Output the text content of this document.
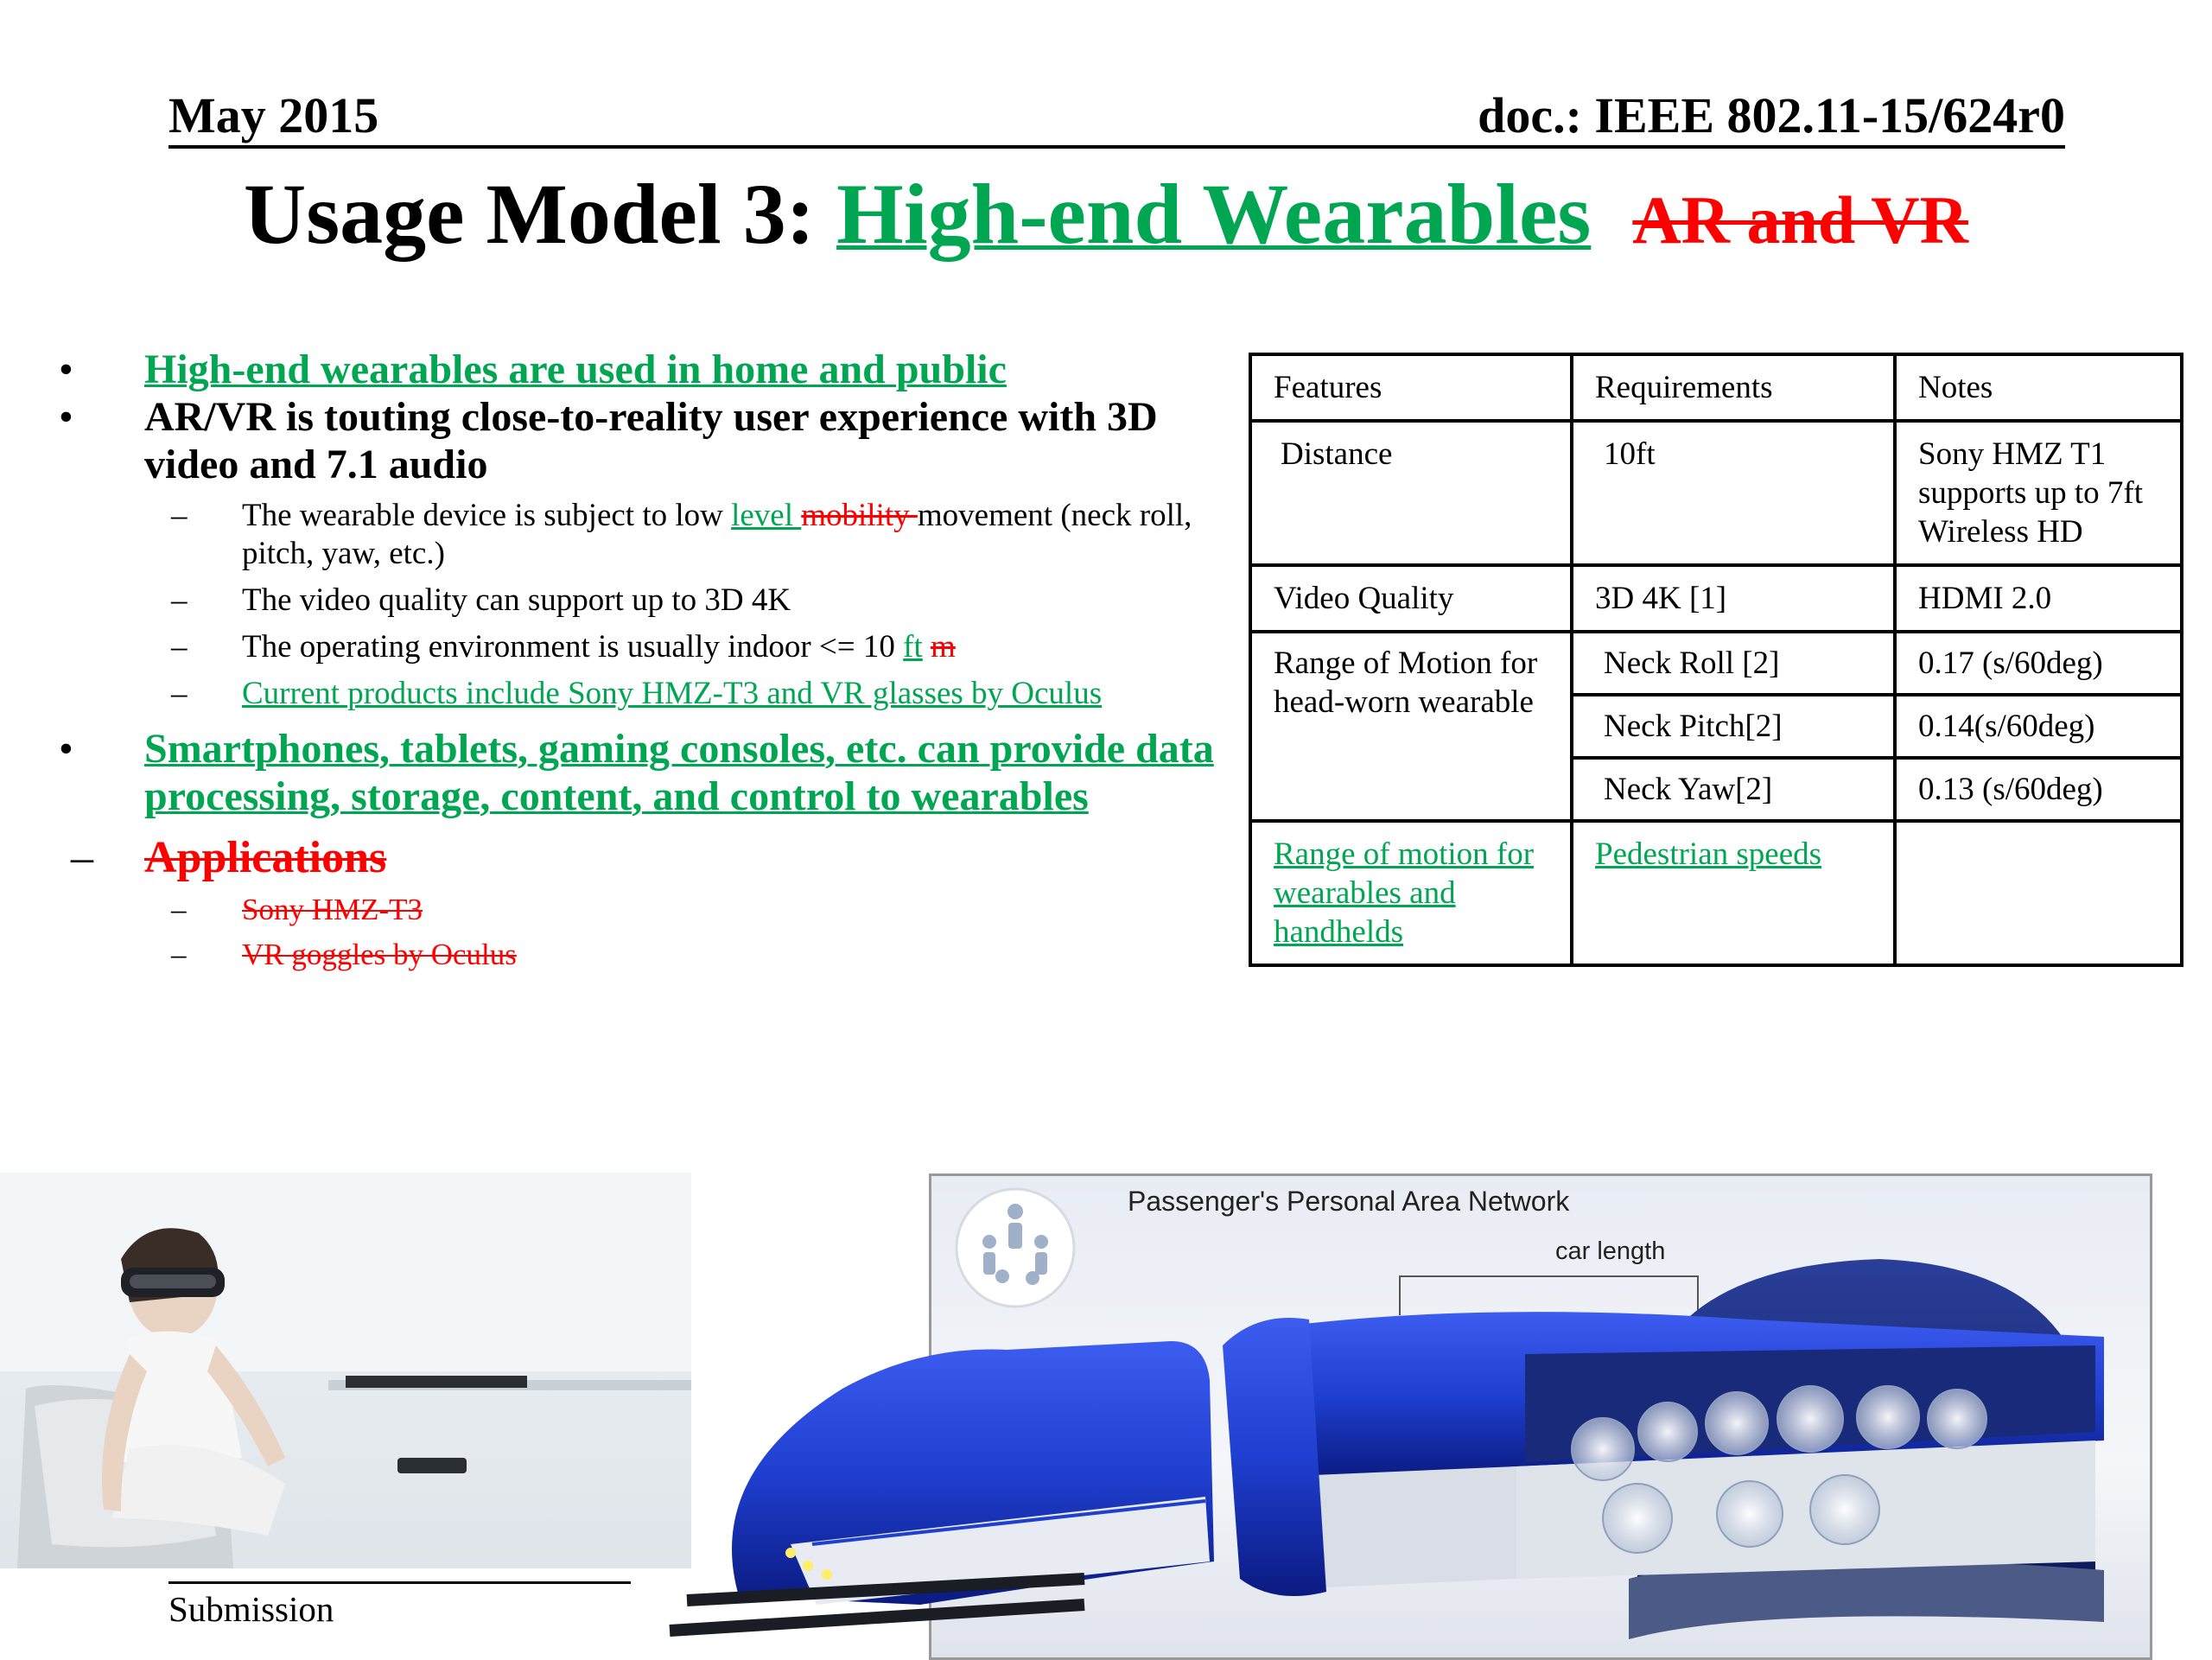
May 2015	doc.: IEEE 802.11-15/624r0
Usage Model 3: High-end Wearables AR and VR
• High-end wearables are used in home and public
• AR/VR is touting close-to-reality user experience with 3D video and 7.1 audio
– The wearable device is subject to low level mobility movement (neck roll, pitch, yaw, etc.)
– The video quality can support up to 3D 4K
– The operating environment is usually indoor <= 10 ft m
– Current products include Sony HMZ-T3 and VR glasses by Oculus
• Smartphones, tablets, gaming consoles, etc. can provide data processing, storage, content, and control to wearables
– Applications
– Sony HMZ-T3
– VR goggles by Oculus
Features	Requirements	Notes
Distance	10ft	Sony HMZ T1 supports up to 7ft Wireless HD
Video Quality	3D 4K [1]	HDMI 2.0
Range of Motion for head-worn wearable	Neck Roll [2]	0.17 (s/60deg)
	Neck Pitch[2]	0.14(s/60deg)
	Neck Yaw[2]	0.13 (s/60deg)
Range of motion for wearables and handhelds	Pedestrian speeds	
Passenger's Personal Area Network
car length
Submission
